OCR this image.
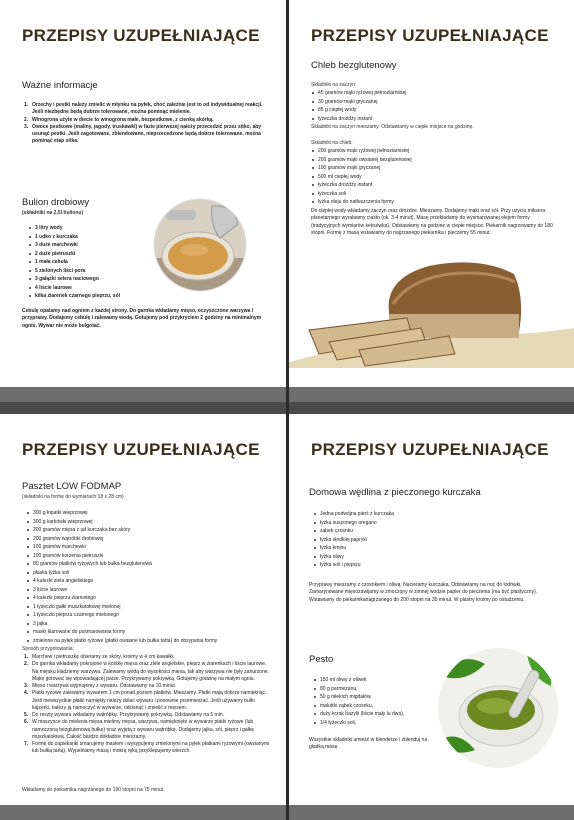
PRZEPISY UZUPEŁNIAJĄCE
Ważne informacje
Orzechy i pestki należy zmielić w młynku na pyłek, choć zależnie jest to od indywidualnej reakcji. Jeśli niezbędne będą dobrze tolerowane, można pominąć mielenie.
Winogrona użyte w diecie to winogrona małe, bezpestkowe, z cienką skórką.
Owoce pestkowe (maliny, jagody, truskawki) w fazie pierwszej należy przecedzić przez sitko, aby usunąć pestki. Jeśli zagotowane, zblendowane, nieprzecedzone będą dobrze tolerowane, można pominąć etap sitka.
Bulion drobiowy
(składniki na 2,5l bulionu)
3 litry wody
1 udko z kurczaka
3 duże marchewki
2 duże pietruszki
1 mała cebula
5 zielonych liści pora
3 gałązki selera naciowego
4 liście laurowe
kilka ziarenek czarnego pieprzu, sól
Cebulę opalamy nad ogniem z każdej strony. Do garnka wkładamy mięso, oczyszczone warzywa i przyprawy. Dodajemy cebulę i zalewamy wodą. Gotujemy pod przykryciem 2 godziny na minimalnym ogniu. Wywar nie może bulgotać.
PRZEPISY UZUPEŁNIAJĄCE
Chleb bezglutenowy
Składniki na zaczyn:
45 gramów mąki ryżowej pełnoziarnistej
30 gramów mąki gryczanej
85 g ciepłej wody
łyżeczka drożdży instant
Składniki na zaczyn mieszamy. Odstawiamy w ciepłe miejsce na godzinę.
Składniki na chleb:
200 gramów mąki ryżowej pełnoziarnistej
200 gramów mąki owsianej bezglutenowej
100 gramów mąki gryczanej
500 ml ciepłej wody
łyżeczka drożdży instant
łyżeczka soli
łyżka oleju do natłuszczenia formy
Do ciepłej wody wkładamy zaczyn oraz drożdże. Mieszamy. Dodajemy mąki oraz sól. Przy użyciu miksera planetarnego wyrabiamy ciasto (ok. 3-4 minut). Masę przekładamy do wysmarowanej olejem formy (tradycyjnych wymiarów keksówka). Odstawiamy na godzinę w ciepłe miejsce. Piekarnik nagrzewamy do 180 stopni. Formę z masą wstawiamy do nagrzanego piekarnika i pieczemy 55 minut.
PRZEPISY UZUPEŁNIAJĄCE
Pasztet LOW FODMAP
(składniki na formę do wymiarach 18 x 28 cm)
300 g łopatki wieprzowej
300 g karkówki wieprzowej
200 gramów mięsa z ud kurczaka bez skóry
200 gramów wątróbki drobiowej
100 gramów marchewki
100 gramów korzenia pietruszki
80 gramów płatków ryżowych lub bułka bezglutenowa
płaska łyżka soli
4 kulezki ziela angielskiego
3 liście laurowe
4 kulezki pieprzu ziarnistego
1 łyżeczki gałki muszkatołowej mielonej
1 łyżeczki pieprzu czarnego mielonego
3 jajka
masło klarowane do posmarowania formy
zmielone na pyłek płatki ryżowe (płatki owsiane lub bułka tarta) do obsypania formy
Sposób przygotowania:
Marchew i pietruszkę obieramy ze skóry, kroimy w 4 cm kawałki.
Do garnka wkładamy pokrojone w kostkę mięsa oraz ziele angielskie, pieprz w ziarenkach i liście laurowe. Na mięsku kładziemy warzywa. Zalewamy wodą do wysokości mięsa, tak aby warzywa nie były zanurzone. Mąkę gotować się wpowadającej parze. Przykrywamy pokrywką. Gotujemy godzinę na małym ogniu.
Mięso i warzywa wyjmujemy z wywaru. Odstawiamy na 10 minut.
Płatki ryżowe zalewamy wywarem 1 cm ponad poziom płatków. Mieszamy. Płatki mają dobrze namięknąć. Jeśli niewszystkie płatki namiękły należy dolać wywaru i ponownie przemieszać. Jeśli używamy bułki kajzerki, należy ją namoczyć w wywarze, odcisnąć i zmielić z mięsem.
Do reszty wywaru wkładamy wątróbkę. Przykrywamy pokrywką. Odstawiamy na 5 min.
W maszynce do mielenia mięsa mielimy mięsa, warzywa, namięknięte w wywarze płatki ryżowe (lub namoczoną bezglutenową bułkę) oraz wyjętą z wywaru wątróbkę. Dodajemy jajka, sól, pieprz i gałkę muszkatołową. Całość bardzo dokładnie mieszamy.
Formę do zapiekanki smarujemy masłem i wysypujemy zmielonymi na pyłek płatkami ryżowymi (owsianymi lub bułką tartą). Wypełniamy masą i mokrą ręką przyklepujemy wierzch.
Wkładamy do piekarnika nagrzanego do 190 stopni na 75 minut.
PRZEPISY UZUPEŁNIAJĄCE
Domowa wędlina z pieczonego kurczaka
Jedna podwójna pierś z kurczaka
łyżka suszonego oregano
ząbek czosnku
łyżka słodkiej papryki
łyżka kminu
łyżka oliwy
łyżka soli i pieprzu
Przyprawy mieszamy z czosnkiem i oliwą. Nacieramy kurczaka. Odstawiamy na noc do lodówki. Zamarynowane mięsozawijamy w zmoczony w zimnej wodzie papier do pieczenia (ma być plastyczny). Wstawiamy do piekarnikanagrzanego do 200 stopni na 30 minut. W plastry kroimy po ostudzeniu.
Pesto
150 ml oliwy z oliwek
80 g parmezanu,
50 g młekich migdałów,
maluttki ząbek czosnku,
duży krzak bazylii (liście mały lu dwa),
1/4 łyżeczki soli,
Wszystkie składniki umieść w blenderze i zblenduj na gładką masę.
